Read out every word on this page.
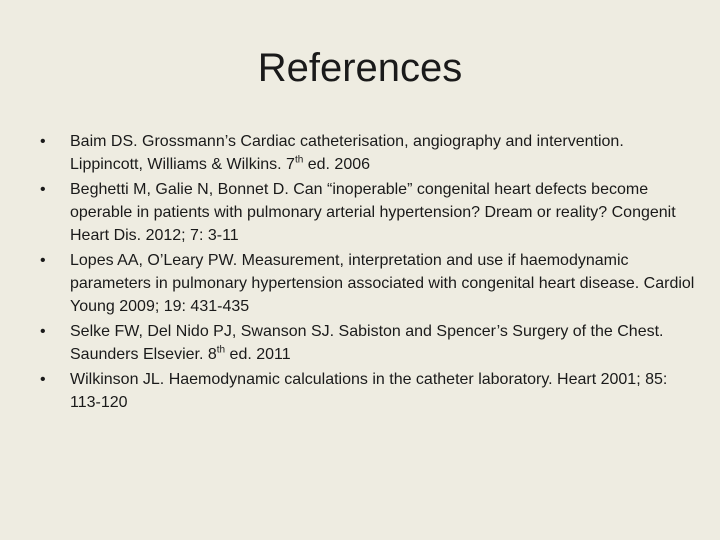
References
•	Baim DS. Grossmann’s Cardiac catheterisation, angiography and intervention. Lippincott, Williams & Wilkins. 7th ed. 2006
•	Beghetti M, Galie N, Bonnet D. Can “inoperable” congenital heart defects become operable in patients with pulmonary arterial hypertension? Dream or reality? Congenit Heart Dis. 2012; 7: 3-11
•	Lopes AA, O’Leary PW. Measurement, interpretation and use if haemodynamic parameters in pulmonary hypertension associated with congenital heart disease. Cardiol Young 2009; 19: 431-435
•	Selke FW, Del Nido PJ, Swanson SJ. Sabiston and Spencer’s Surgery of the Chest. Saunders Elsevier. 8th ed. 2011
•	Wilkinson JL. Haemodynamic calculations in the catheter laboratory. Heart 2001; 85: 113-120
